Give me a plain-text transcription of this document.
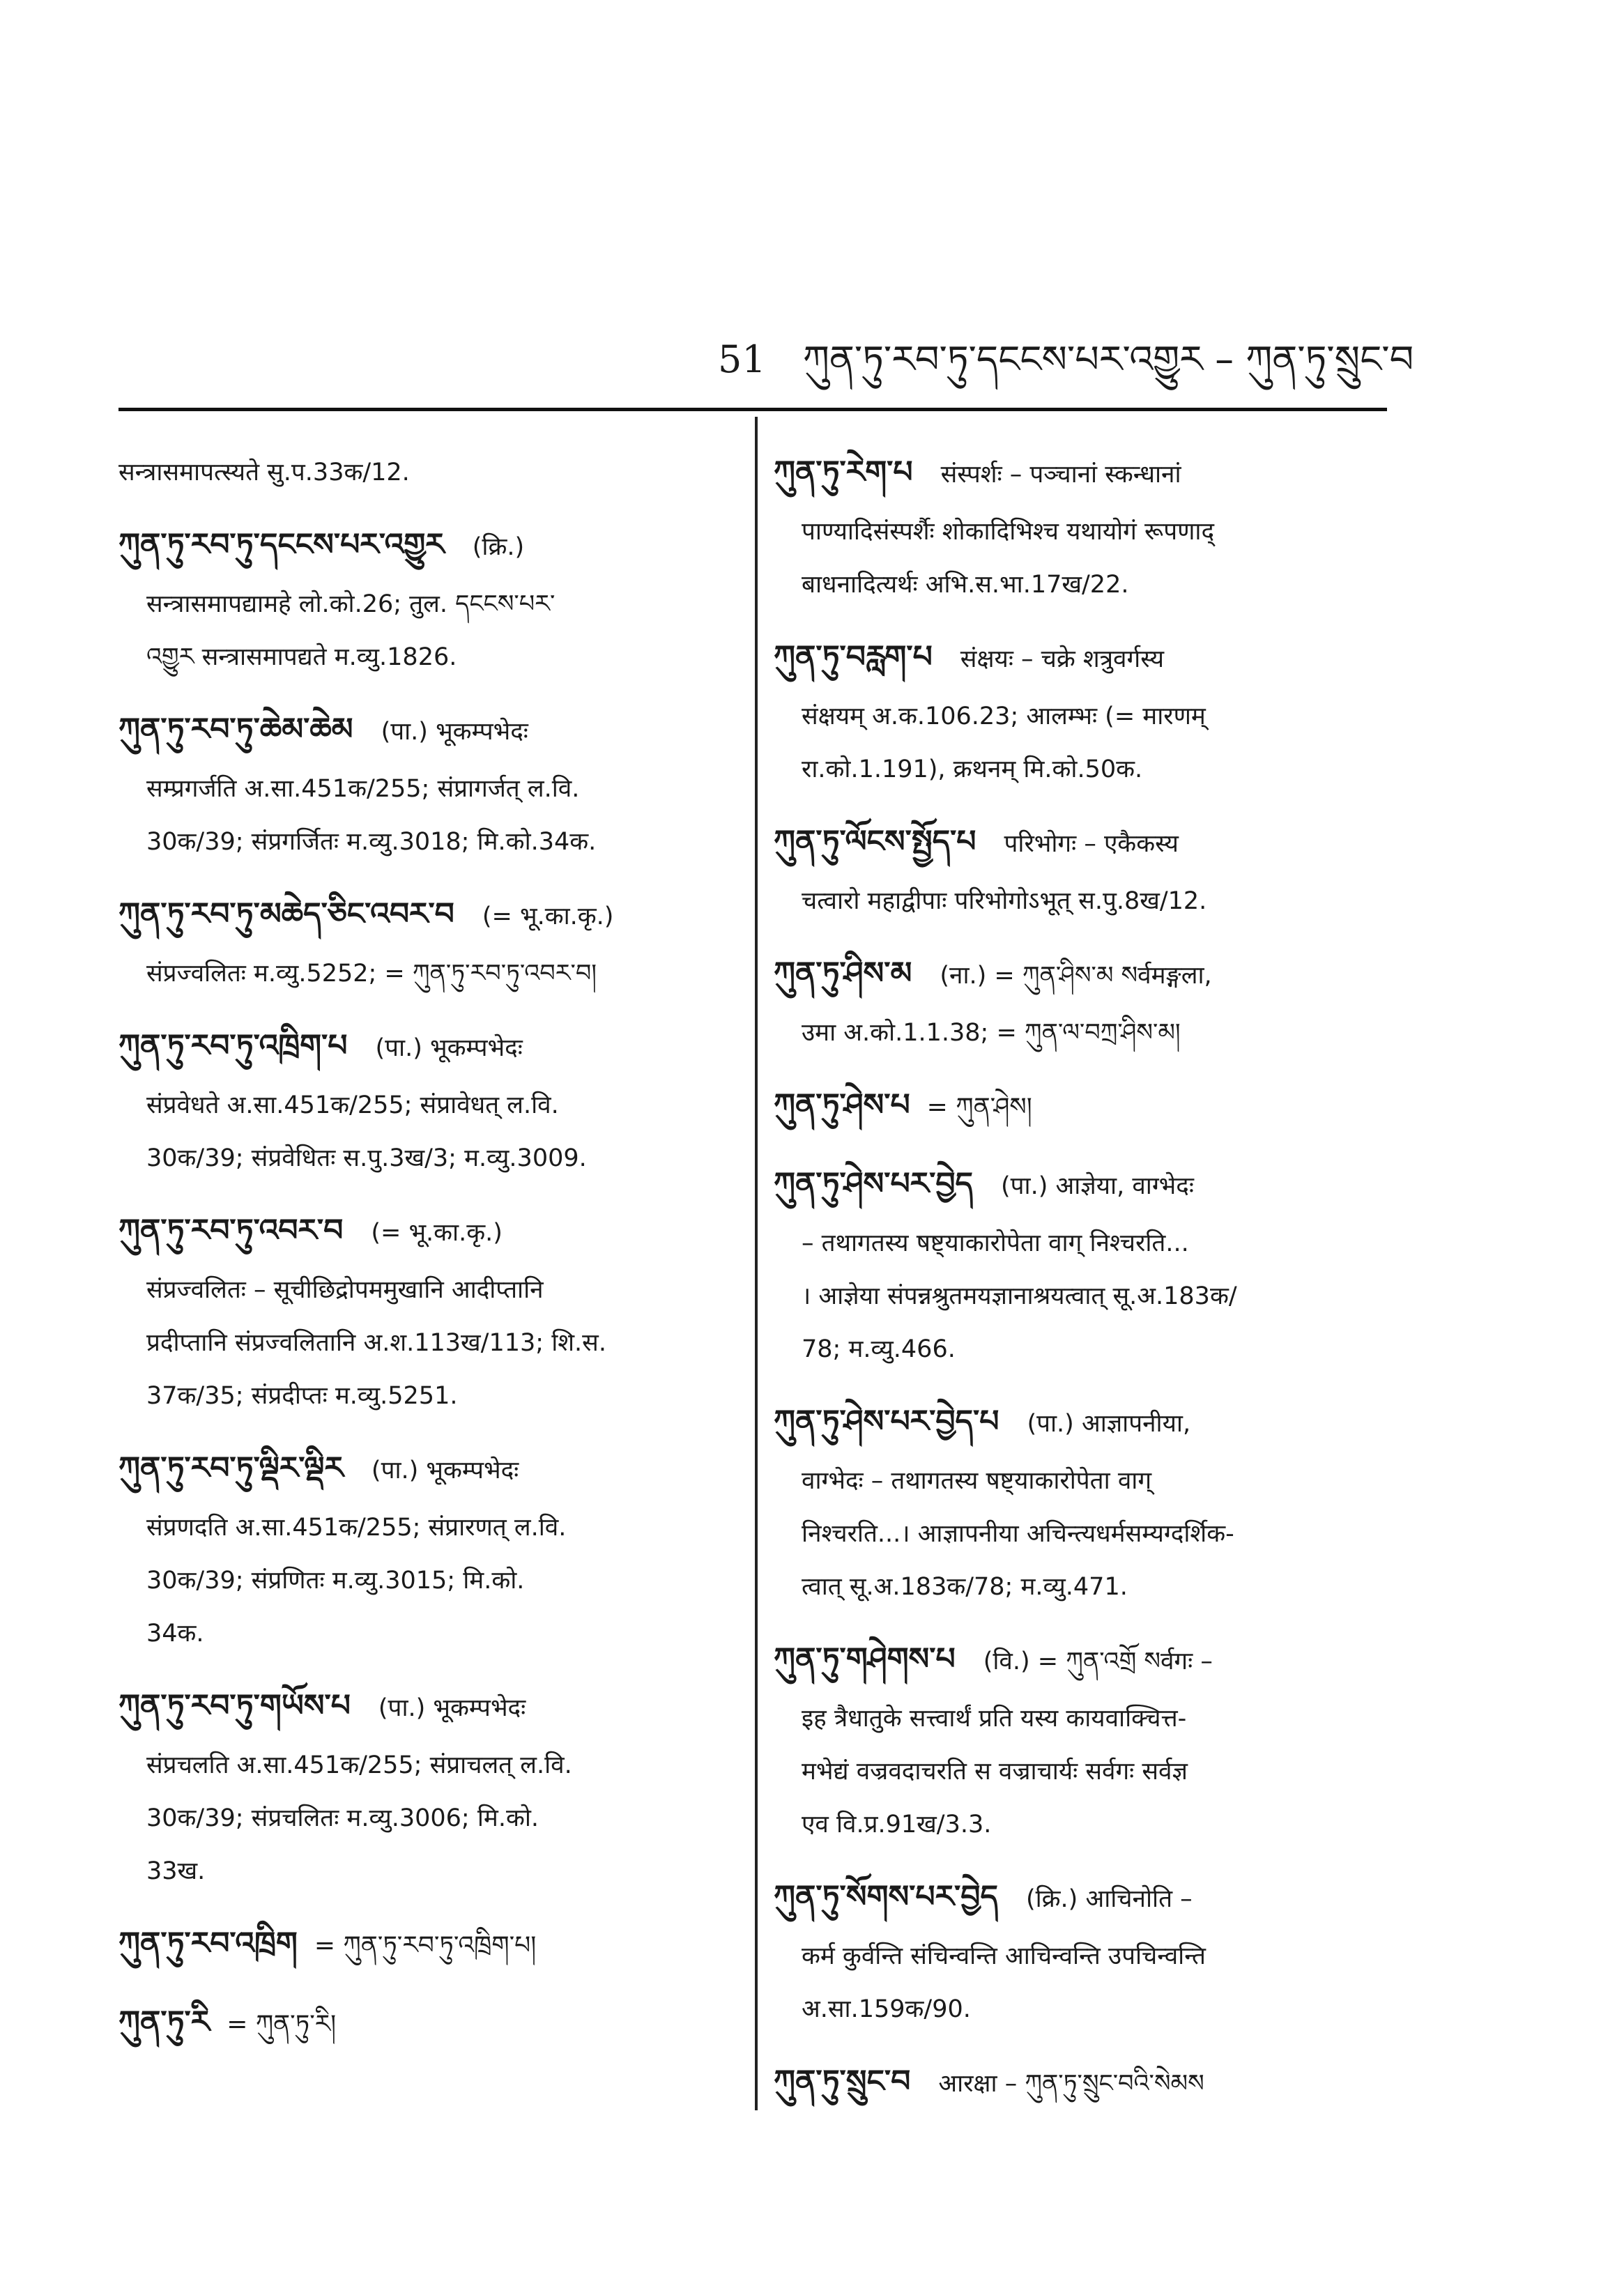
51 ཀུན་ཏུ་རབ་ཏུ་དངངས་པར་འགྱུར – ཀུན་ཏུ་སྲུང་བ
सन्त्रासमापत्स्यते सु.प.33क/12.
ཀུན་ཏུ་རབ་ཏུ་དངངས་པར་འགྱུར (क्रि.)
सन्त्रासमापद्यामहे लो.को.26; तुल. དངངས་པར་
འགྱུར सन्त्रासमापद्यते म.व्यु.1826.
ཀུན་ཏུ་རབ་ཏུ་ཆེམ་ཆེམ (पा.) भूकम्पभेदः
सम्प्रगर्जति अ.सा.451क/255; संप्रागर्जत् ल.वि.
30क/39; संप्रगर्जितः म.व्यु.3018; मि.को.34क.
ཀུན་ཏུ་རབ་ཏུ་མཆེད་ཅིང་འབར་བ (= भू.का.कृ.)
संप्रज्वलितः म.व्यु.5252; = ཀུན་ཏུ་རབ་ཏུ་འབར་བ།
ཀུན་ཏུ་རབ་ཏུ་འཁྲིག་པ (पा.) भूकम्पभेदः
संप्रवेधते अ.सा.451क/255; संप्रावेधत् ल.वि.
30क/39; संप्रवेधितः स.पु.3ख/3; म.व्यु.3009.
ཀུན་ཏུ་རབ་ཏུ་འབར་བ (= भू.का.कृ.)
संप्रज्वलितः – सूचीछिद्रोपममुखानि आदीप्तानि
प्रदीप्तानि संप्रज्वलितानि अ.श.113ख/113; शि.स.
37क/35; संप्रदीप्तः म.व्यु.5251.
ཀུན་ཏུ་རབ་ཏུ་ལྡིར་ལྡིར (पा.) भूकम्पभेदः
संप्रणदति अ.सा.451क/255; संप्रारणत् ल.वि.
30क/39; संप्रणितः म.व्यु.3015; मि.को.
34क.
ཀུན་ཏུ་རབ་ཏུ་གཡོས་པ (पा.) भूकम्पभेदः
संप्रचलति अ.सा.451क/255; संप्राचलत् ल.वि.
30क/39; संप्रचलितः म.व्यु.3006; मि.को.
33ख.
ཀུན་ཏུ་རབ་འཁྲིག = ཀུན་ཏུ་རབ་ཏུ་འཁྲིག་པ།
ཀུན་ཏུ་རི = ཀུན་ཏུ་རི།
ཀུན་ཏུ་རེག་པ संस्पर्शः – पञ्चानां स्कन्धानां
पाण्यादिसंस्पर्शैः शोकादिभिश्च यथायोगं रूपणाद्
बाधनादित्यर्थः अभि.स.भा.17ख/22.
ཀུན་ཏུ་བརླག་པ संक्षयः – चक्रे शत्रुवर्गस्य
संक्षयम् अ.क.106.23; आलम्भः (= मारणम्
रा.को.1.191), क्रथनम् मि.को.50क.
ཀུན་ཏུ་ལོངས་སྤྱོད་པ परिभोगः – एकैकस्य
चत्वारो महाद्वीपाः परिभोगोऽभूत् स.पु.8ख/12.
ཀུན་ཏུ་ཤིས་མ (ना.) = ཀུན་ཤིས་མ སर्वमङ्गला,
उमा अ.को.1.1.38; = ཀུན་ལ་བཀྲ་ཤིས་མ།
ཀུན་ཏུ་ཤེས་པ = ཀུན་ཤེས།
ཀུན་ཏུ་ཤེས་པར་བྱེད (पा.) आज्ञेया, वाग्भेदः
– तथागतस्य षष्ट्याकारोपेता वाग् निश्चरति...
। आज्ञेया संपन्नश्रुतमयज्ञानाश्रयत्वात् सू.अ.183क/
78; म.व्यु.466.
ཀུན་ཏུ་ཤེས་པར་བྱེད་པ (पा.) आज्ञापनीया,
वाग्भेदः – तथागतस्य षष्ट्याकारोपेता वाग्
निश्चरति...। आज्ञापनीया अचिन्त्यधर्मसम्यग्दर्शिक-
त्वात् सू.अ.183क/78; म.व्यु.471.
ཀུན་ཏུ་གཤེགས་པ (वि.) = ཀུན་འགྲོ སर्वगः –
इह त्रैधातुके सत्त्वार्थं प्रति यस्य कायवाक्चित्त-
मभेद्यं वज्रवदाचरति स वज्राचार्यः सर्वगः सर्वज्ञ
एव वि.प्र.91ख/3.3.
ཀུན་ཏུ་སོགས་པར་བྱེད (क्रि.) आचिनोति –
कर्म कुर्वन्ति संचिन्वन्ति आचिन्वन्ति उपचिन्वन्ति
अ.सा.159क/90.
ཀུན་ཏུ་སྲུང་བ आरक्षा – ཀུན་ཏུ་སྲུང་བའི་སེམས
